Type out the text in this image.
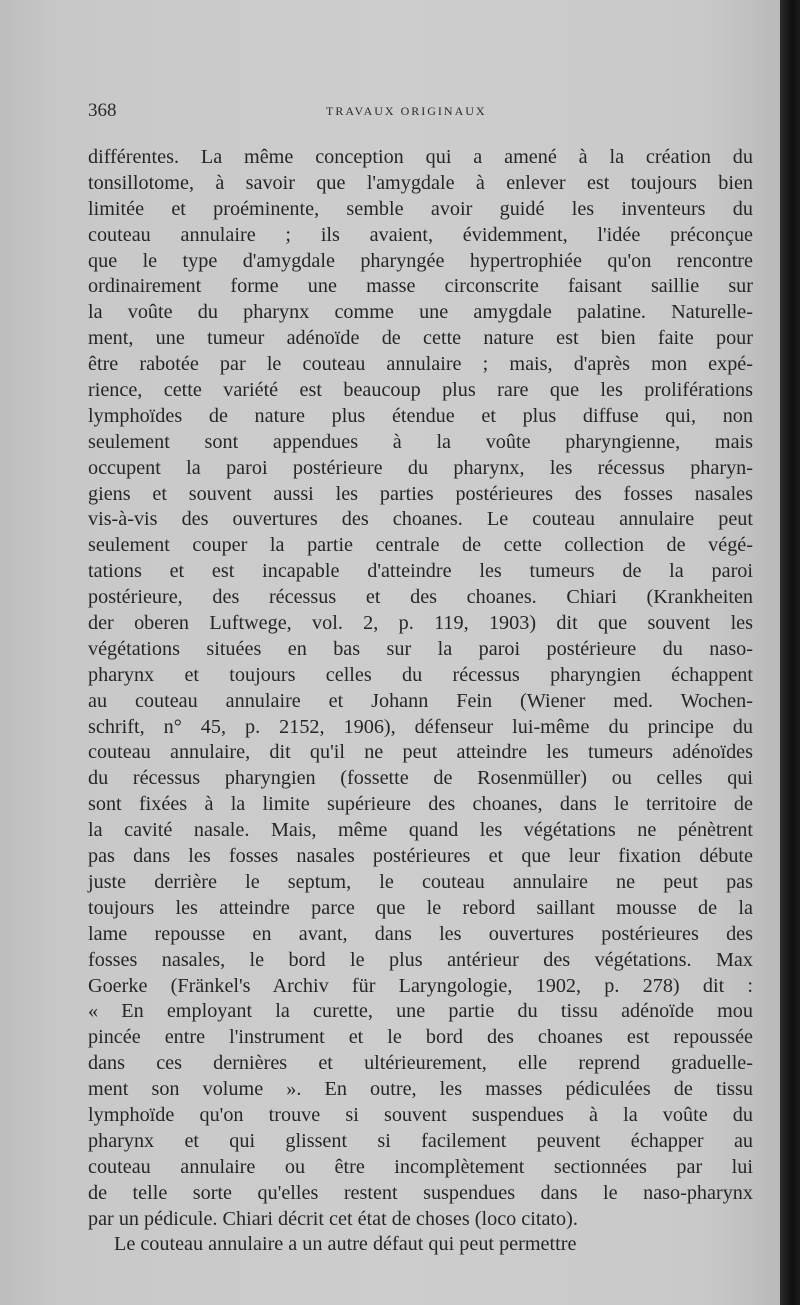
368	TRAVAUX ORIGINAUX
différentes. La même conception qui a amené à la création du
tonsillotome, à savoir que l'amygdale à enlever est toujours bien
limitée et proéminente, semble avoir guidé les inventeurs du
couteau annulaire ; ils avaient, évidemment, l'idée préconçue
que le type d'amygdale pharyngée hypertrophiée qu'on rencontre
ordinairement forme une masse circonscrite faisant saillie sur
la voûte du pharynx comme une amygdale palatine. Naturelle-
ment, une tumeur adénoïde de cette nature est bien faite pour
être rabotée par le couteau annulaire ; mais, d'après mon expé-
rience, cette variété est beaucoup plus rare que les proliférations
lymphoïdes de nature plus étendue et plus diffuse qui, non
seulement sont appendues à la voûte pharyngienne, mais
occupent la paroi postérieure du pharynx, les récessus pharyn-
giens et souvent aussi les parties postérieures des fosses nasales
vis-à-vis des ouvertures des choanes. Le couteau annulaire peut
seulement couper la partie centrale de cette collection de végé-
tations et est incapable d'atteindre les tumeurs de la paroi
postérieure, des récessus et des choanes. Chiari (Krankheiten
der oberen Luftwege, vol. 2, p. 119, 1903) dit que souvent les
végétations situées en bas sur la paroi postérieure du naso-
pharynx et toujours celles du récessus pharyngien échappent
au couteau annulaire et Johann Fein (Wiener med. Wochen-
schrift, n° 45, p. 2152, 1906), défenseur lui-même du principe du
couteau annulaire, dit qu'il ne peut atteindre les tumeurs adénoïdes
du récessus pharyngien (fossette de Rosenmüller) ou celles qui
sont fixées à la limite supérieure des choanes, dans le territoire de
la cavité nasale. Mais, même quand les végétations ne pénètrent
pas dans les fosses nasales postérieures et que leur fixation débute
juste derrière le septum, le couteau annulaire ne peut pas
toujours les atteindre parce que le rebord saillant mousse de la
lame repousse en avant, dans les ouvertures postérieures des
fosses nasales, le bord le plus antérieur des végétations. Max
Goerke (Fränkel's Archiv für Laryngologie, 1902, p. 278) dit :
« En employant la curette, une partie du tissu adénoïde mou
pincée entre l'instrument et le bord des choanes est repoussée
dans ces dernières et ultérieurement, elle reprend graduelle-
ment son volume ». En outre, les masses pédiculées de tissu
lymphoïde qu'on trouve si souvent suspendues à la voûte du
pharynx et qui glissent si facilement peuvent échapper au
couteau annulaire ou être incomplètement sectionnées par lui
de telle sorte qu'elles restent suspendues dans le naso-pharynx
par un pédicule. Chiari décrit cet état de choses (loco citato).
Le couteau annulaire a un autre défaut qui peut permettre
